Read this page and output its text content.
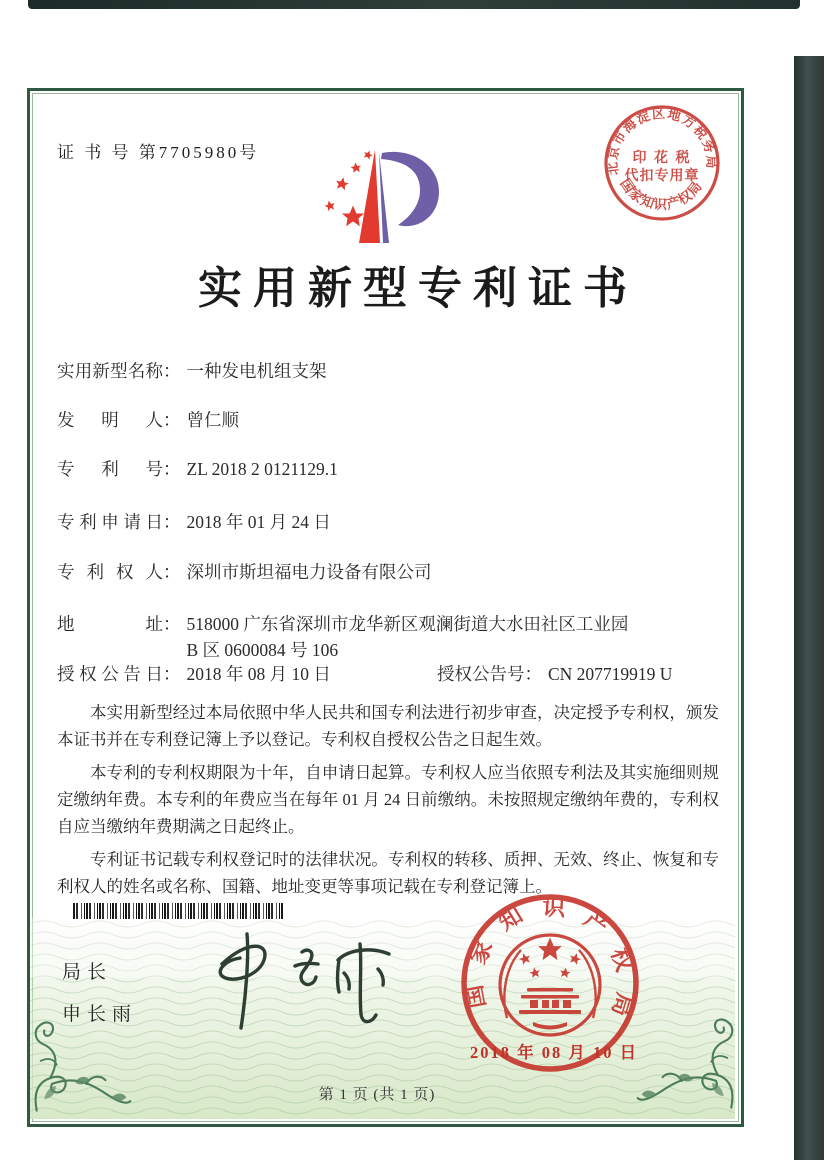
证 书 号 第7705980号
实用新型专利证书
北京市海淀区地方税务局
国家知识产权局
印 花 税
代扣专用章
实用新型名称 ： 一种发电机组支架
发明人 ： 曾仁顺
专利号 ： ZL 2018 2 0121129.1
专利申请日 ： 2018 年 01 月 24 日
专利权人 ： 深圳市斯坦福电力设备有限公司
地址 ： 518000 广东省深圳市龙华新区观澜街道大水田社区工业园 B 区 0600084 号 106
授权公告日 ： 2018 年 08 月 10 日	授权公告号 ： CN 207719919 U

本实用新型经过本局依照中华人民共和国专利法进行初步审查，决定授予专利权，颁发本证书并在专利登记簿上予以登记。专利权自授权公告之日起生效。

本专利的专利权期限为十年，自申请日起算。专利权人应当依照专利法及其实施细则规定缴纳年费。本专利的年费应当在每年 01 月 24 日前缴纳。未按照规定缴纳年费的，专利权自应当缴纳年费期满之日起终止。

专利证书记载专利权登记时的法律状况。专利权的转移、质押、无效、终止、恢复和专利权人的姓名或名称、国籍、地址变更等事项记载在专利登记簿上。

局长
申长雨
国家知识产权局
2018 年 08 月 10 日
第 1 页 (共 1 页)
